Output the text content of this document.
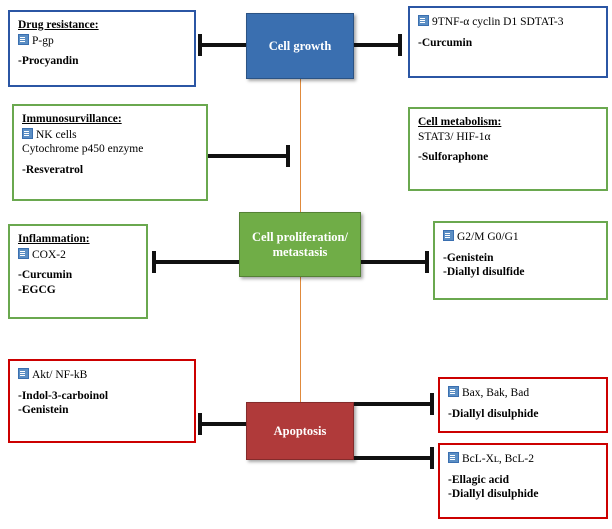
Cell growth
Cell proliferation/ metastasis
Apoptosis
Drug resistance:
P-gp
-Procyandin
9TNF-α cyclin D1 SDTAT-3
-Curcumin
Immunosurvillance:
NK cells
Cytochrome p450 enzyme
-Resveratrol
Cell metabolism:
STAT3/ HIF-1α
-Sulforaphone
Inflammation:
COX-2
-Curcumin
-EGCG
G2/M G0/G1
-Genistein
-Diallyl disulfide
Akt/ NF-kB
-Indol-3-carboinol
-Genistein
Bax, Bak, Bad
-Diallyl disulphide
BcL-Xʟ, BcL-2
-Ellagic acid
-Diallyl disulphide
